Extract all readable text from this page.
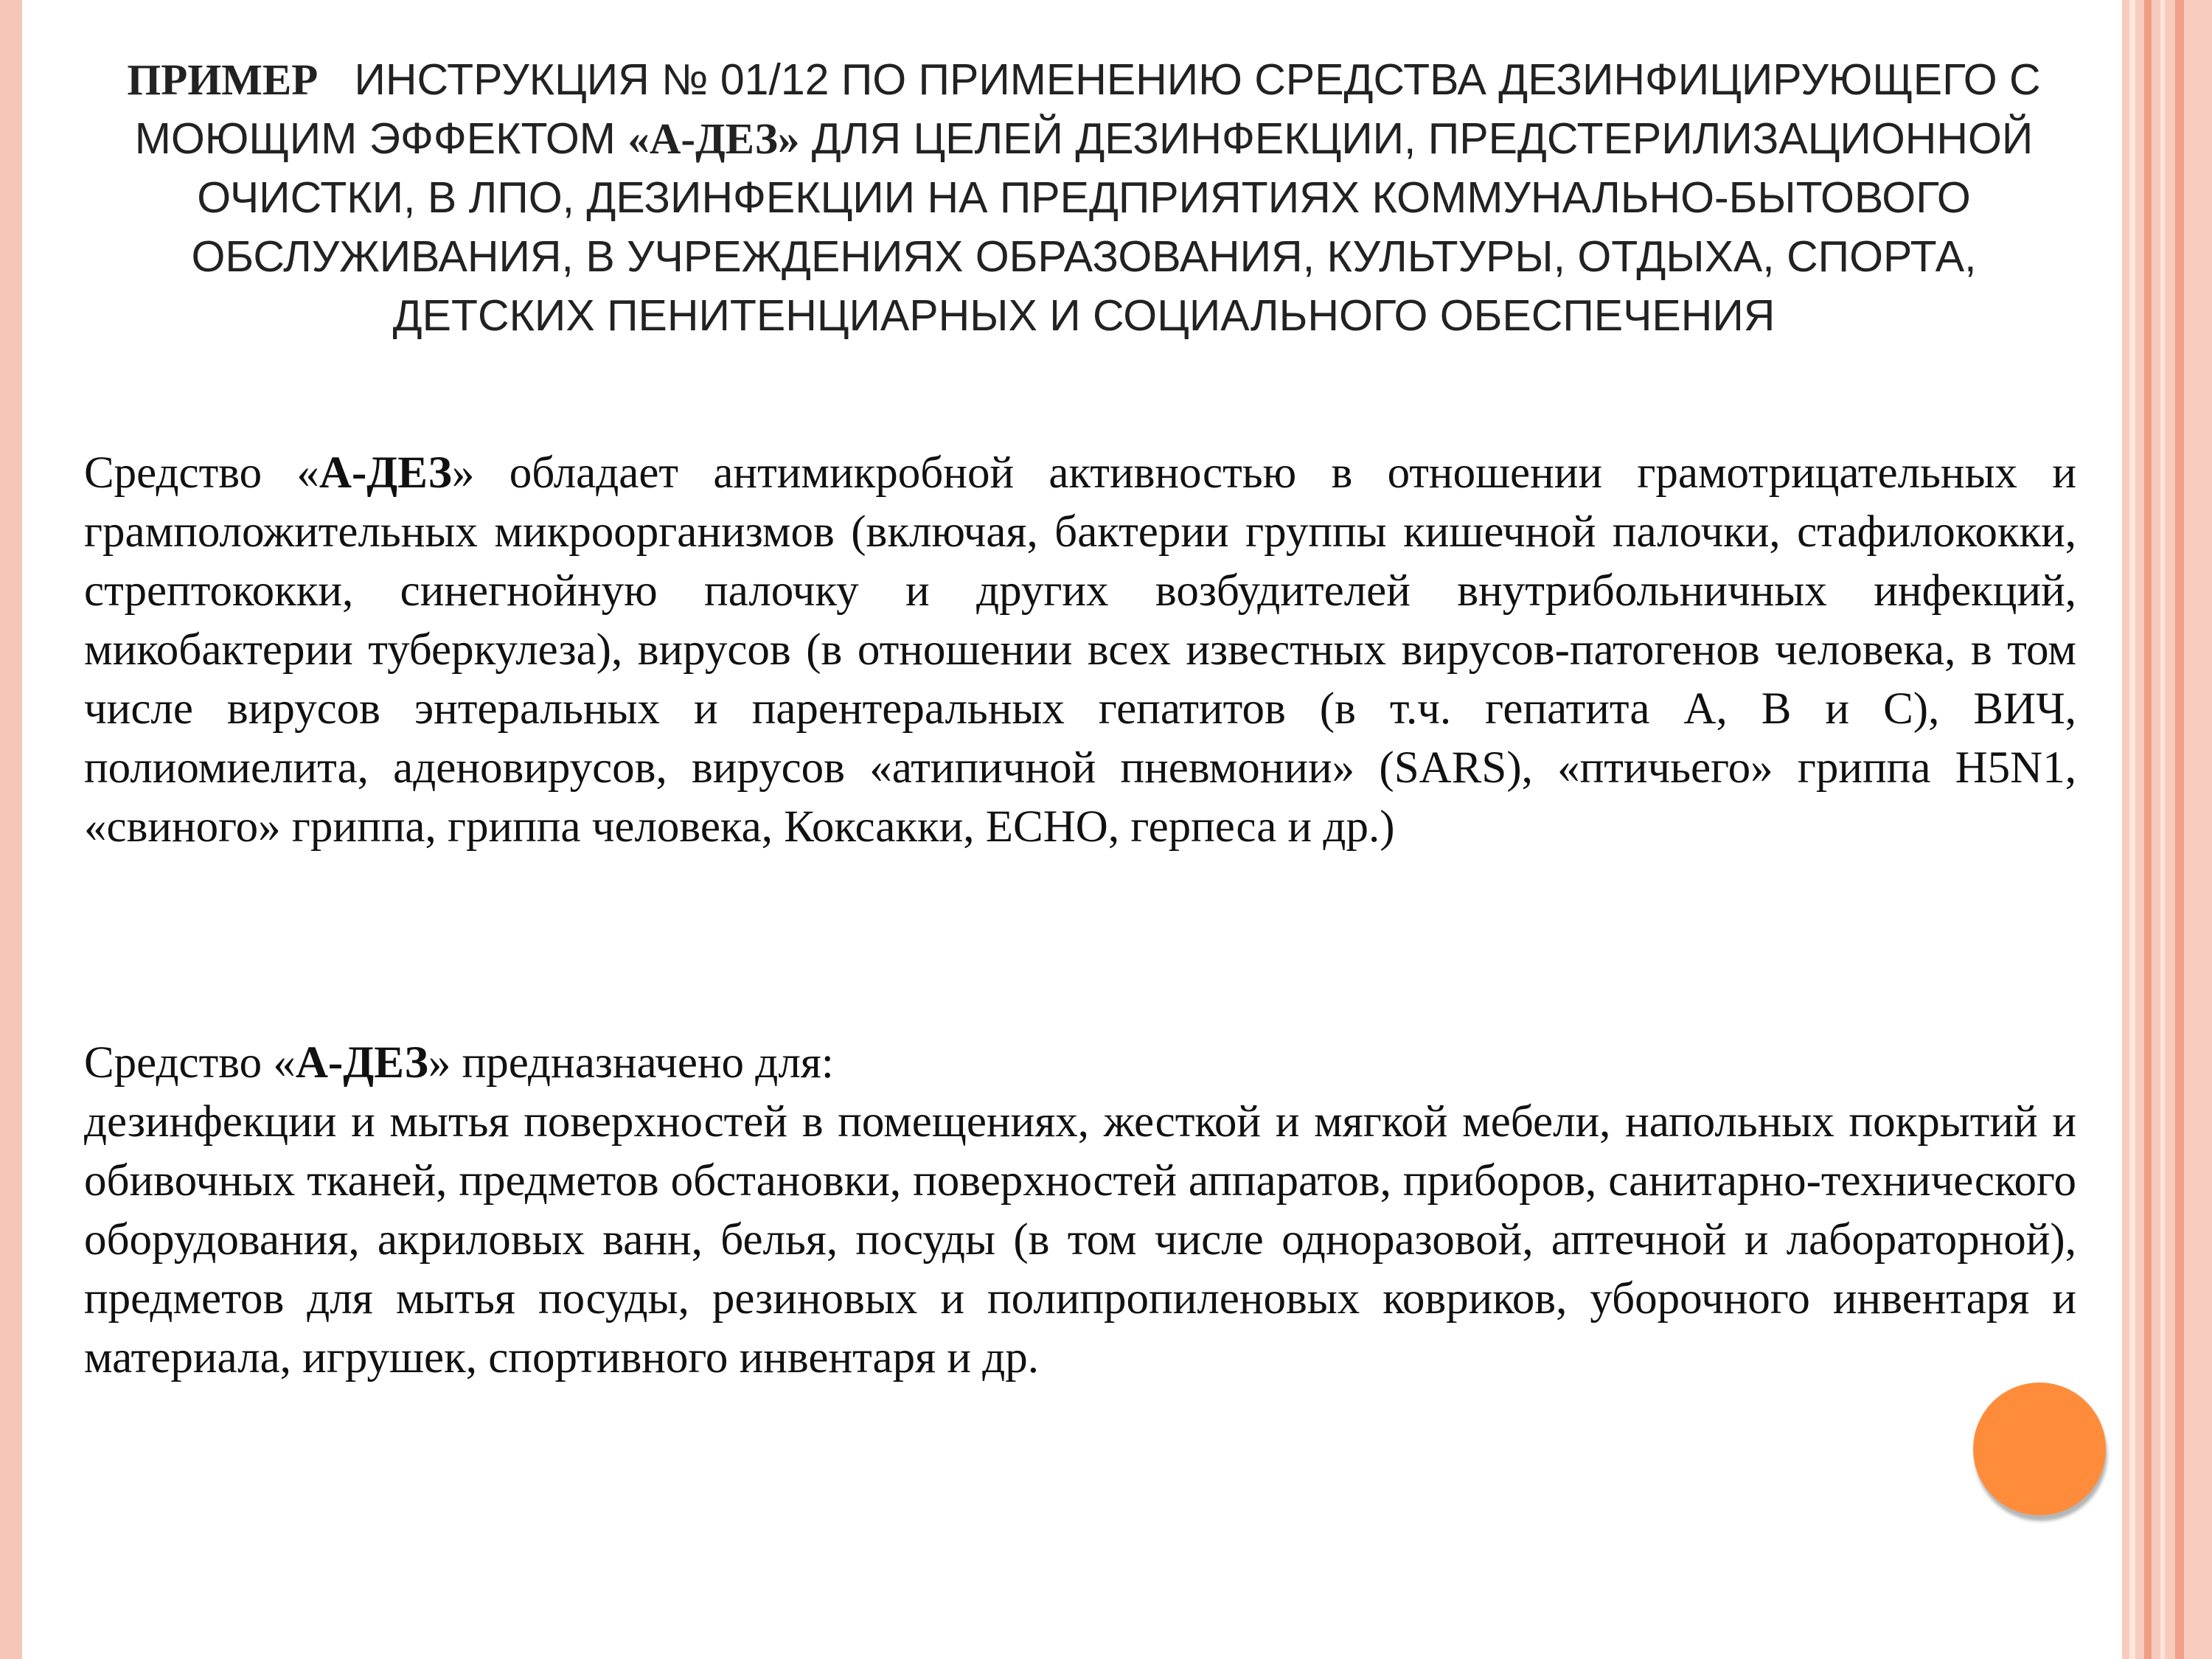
ПРИМЕР ИНСТРУКЦИЯ № 01/12 ПО ПРИМЕНЕНИЮ СРЕДСТВА ДЕЗИНФИЦИРУЮЩЕГО С МОЮЩИМ ЭФФЕКТОМ «А-ДЕЗ» ДЛЯ ЦЕЛЕЙ ДЕЗИНФЕКЦИИ, ПРЕДСТЕРИЛИЗАЦИОННОЙ ОЧИСТКИ, В ЛПО, ДЕЗИНФЕКЦИИ НА ПРЕДПРИЯТИЯХ КОММУНАЛЬНО-БЫТОВОГО ОБСЛУЖИВАНИЯ, В УЧРЕЖДЕНИЯХ ОБРАЗОВАНИЯ, КУЛЬТУРЫ, ОТДЫХА, СПОРТА, ДЕТСКИХ ПЕНИТЕНЦИАРНЫХ И СОЦИАЛЬНОГО ОБЕСПЕЧЕНИЯ
Средство «А-ДЕЗ» обладает антимикробной активностью в отношении грамотрицательных и грамположительных микроорганизмов (включая, бактерии группы кишечной палочки, стафилококки, стрептококки, синегнойную палочку и других возбудителей внутрибольничных инфекций, микобактерии туберкулеза), вирусов (в отношении всех известных вирусов-патогенов человека, в том числе вирусов энтеральных и парентеральных гепатитов (в т.ч. гепатита А, В и С), ВИЧ, полиомиелита, аденовирусов, вирусов «атипичной пневмонии» (SARS), «птичьего» гриппа H5N1, «свиного» гриппа, гриппа человека, Коксакки, ЕСНО, герпеса и др.)
Средство «А-ДЕЗ» предназначено для:
дезинфекции и мытья поверхностей в помещениях, жесткой и мягкой мебели, напольных покрытий и обивочных тканей, предметов обстановки, поверхностей аппаратов, приборов, санитарно-технического оборудования, акриловых ванн, белья, посуды (в том числе одноразовой, аптечной и лабораторной), предметов для мытья посуды, резиновых и полипропиленовых ковриков, уборочного инвентаря и материала, игрушек, спортивного инвентаря и др.
